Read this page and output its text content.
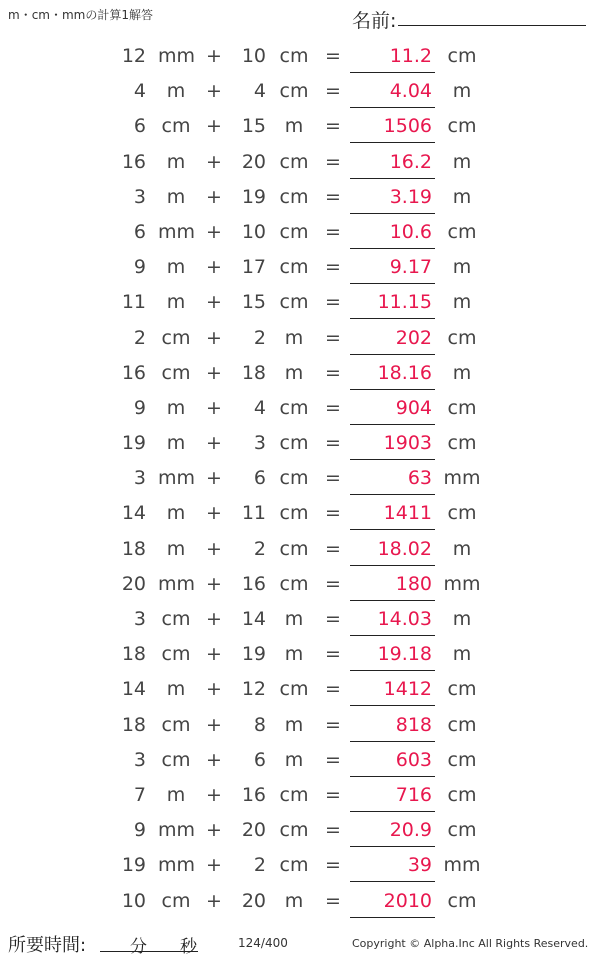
m・cm・mmの計算1解答	名前:
12 mm +	10 cm =	11.2 cm
4	m	+	4 cm =	4.04	m
6 cm +	15 m	=	1506 cm
16	m	+	20 cm =	16.2	m
3	m	+	19 cm =	3.19	m
6 mm +	10 cm =	10.6 cm
9	m	+	17 cm =	9.17	m
11	m	+	15 cm =	11.15	m
2 cm +	2 m	=	202 cm
16 cm +	18 m	=	18.16	m
9	m	+	4 cm =	904 cm
19	m	+	3 cm =	1903 cm
3 mm +	6 cm =	63 mm
14	m	+	11 cm =	1411 cm
18	m	+	2 cm =	18.02	m
20 mm +	16 cm =	180 mm
3 cm +	14 m	=	14.03	m
18 cm +	19 m	=	19.18	m
14	m	+	12 cm =	1412 cm
18 cm +	8 m	=	818 cm
3 cm +	6 m	=	603 cm
7	m	+	16 cm =	716 cm
9 mm +	20 cm =	20.9 cm
19 mm +	2 cm =	39 mm
10 cm +	20 m	=	2010 cm
所要時間:	分 秒	124/400	Copyright © Alpha.Inc All Rights Reserved.
